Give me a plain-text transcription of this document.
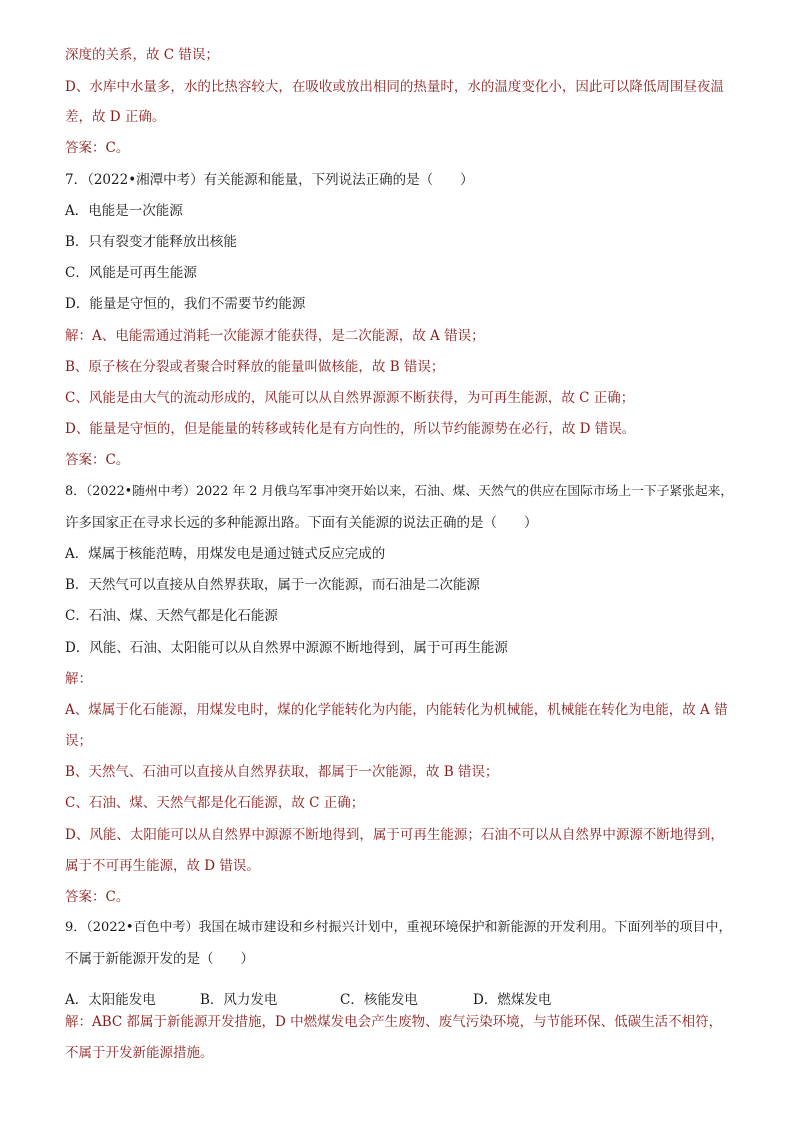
深度的关系，故 C 错误；
D、水库中水量多，水的比热容较大，在吸收或放出相同的热量时，水的温度变化小，因此可以降低周围昼夜温
差，故 D 正确。
答案：C。
7．（2022•湘潭中考）有关能源和能量，下列说法正确的是（　　）
A．电能是一次能源
B．只有裂变才能释放出核能
C．风能是可再生能源
D．能量是守恒的，我们不需要节约能源
解：A、电能需通过消耗一次能源才能获得，是二次能源，故 A 错误；
B、原子核在分裂或者聚合时释放的能量叫做核能，故 B 错误；
C、风能是由大气的流动形成的，风能可以从自然界源源不断获得，为可再生能源，故 C 正确；
D、能量是守恒的，但是能量的转移或转化是有方向性的，所以节约能源势在必行，故 D 错误。
答案：C。
8．（2022•随州中考）2022 年 2 月俄乌军事冲突开始以来，石油、煤、天然气的供应在国际市场上一下子紧张起来，
许多国家正在寻求长远的多种能源出路。下面有关能源的说法正确的是（　　）
A．煤属于核能范畴，用煤发电是通过链式反应完成的
B．天然气可以直接从自然界获取，属于一次能源，而石油是二次能源
C．石油、煤、天然气都是化石能源
D．风能、石油、太阳能可以从自然界中源源不断地得到，属于可再生能源
解：
A、煤属于化石能源，用煤发电时，煤的化学能转化为内能，内能转化为机械能，机械能在转化为电能，故 A 错
误；
B、天然气、石油可以直接从自然界获取，都属于一次能源，故 B 错误；
C、石油、煤、天然气都是化石能源，故 C 正确；
D、风能、太阳能可以从自然界中源源不断地得到，属于可再生能源；石油不可以从自然界中源源不断地得到，
属于不可再生能源，故 D 错误。
答案：C。
9．（2022•百色中考）我国在城市建设和乡村振兴计划中，重视环境保护和新能源的开发利用。下面列举的项目中，
不属于新能源开发的是（　　）
A．太阳能发电	B．风力发电	C．核能发电	D．燃煤发电
解：ABC 都属于新能源开发措施，D 中燃煤发电会产生废物、废气污染环境，与节能环保、低碳生活不相符，
不属于开发新能源措施。
